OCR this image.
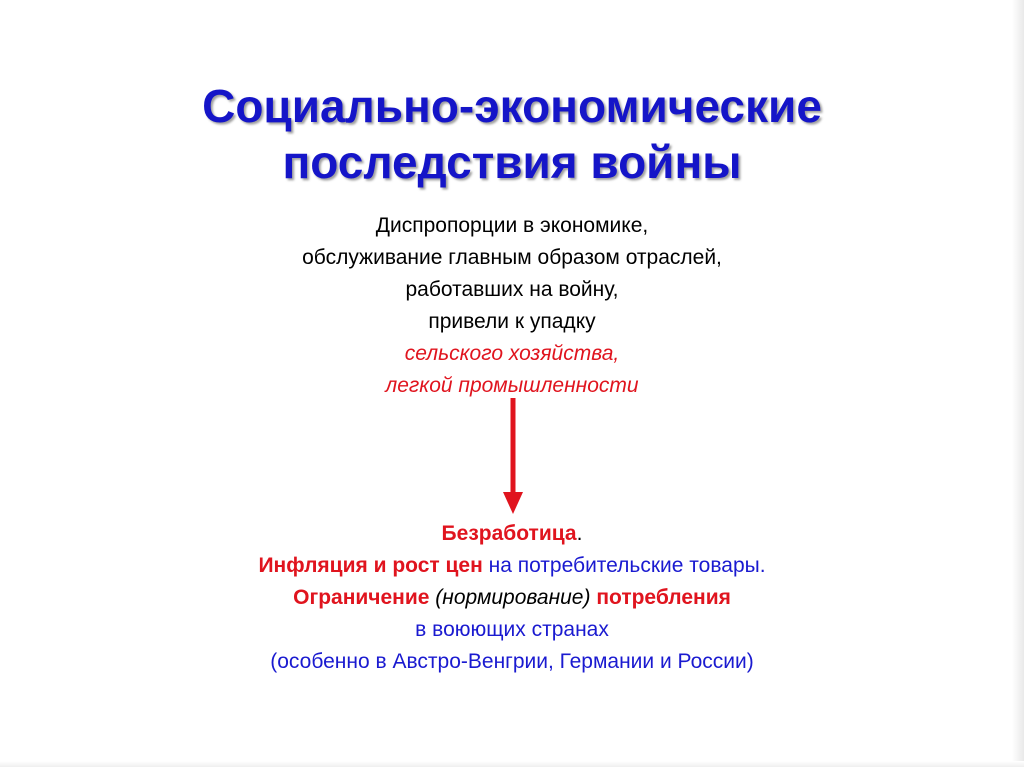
Социально-экономические
последствия войны
Диспропорции в экономике,
обслуживание главным образом отраслей,
работавших на войну,
привели к упадку
сельского хозяйства,
легкой промышленности
Безработица.
Инфляция и рост цен на потребительские товары.
Ограничение (нормирование) потребления
в воюющих странах
(особенно в Австро-Венгрии, Германии и России)
